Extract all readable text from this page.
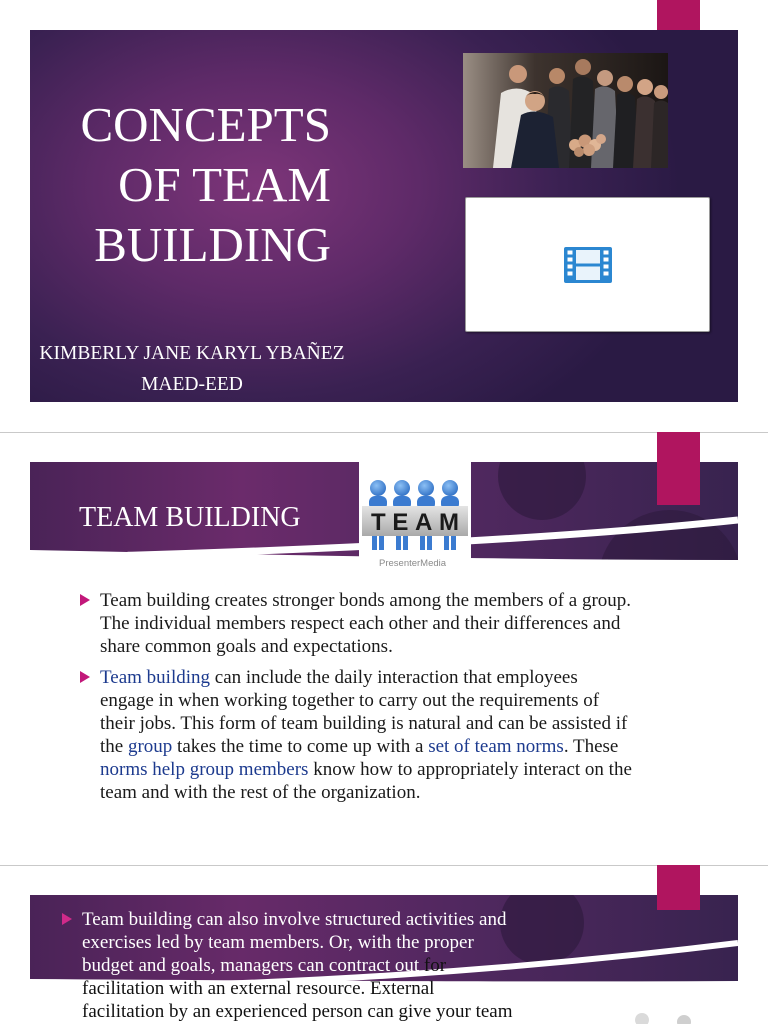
CONCEPTS
OF TEAM
BUILDING
KIMBERLY JANE KARYL YBAÑEZ
MAED-EED
TEAM BUILDING	TEAM
PresenterMedia
Team building creates stronger bonds among the members of a group.
The individual members respect each other and their differences and
share common goals and expectations.
Team building can include the daily interaction that employees
engage in when working together to carry out the requirements of
their jobs. This form of team building is natural and can be assisted if
the group takes the time to come up with a set of team norms. These
norms help group members know how to appropriately interact on the
team and with the rest of the organization.
Team building can also involve structured activities and
exercises led by team members. Or, with the proper
budget and goals, managers can contract out for
facilitation with an external resource. External
facilitation by an experienced person can give your team
